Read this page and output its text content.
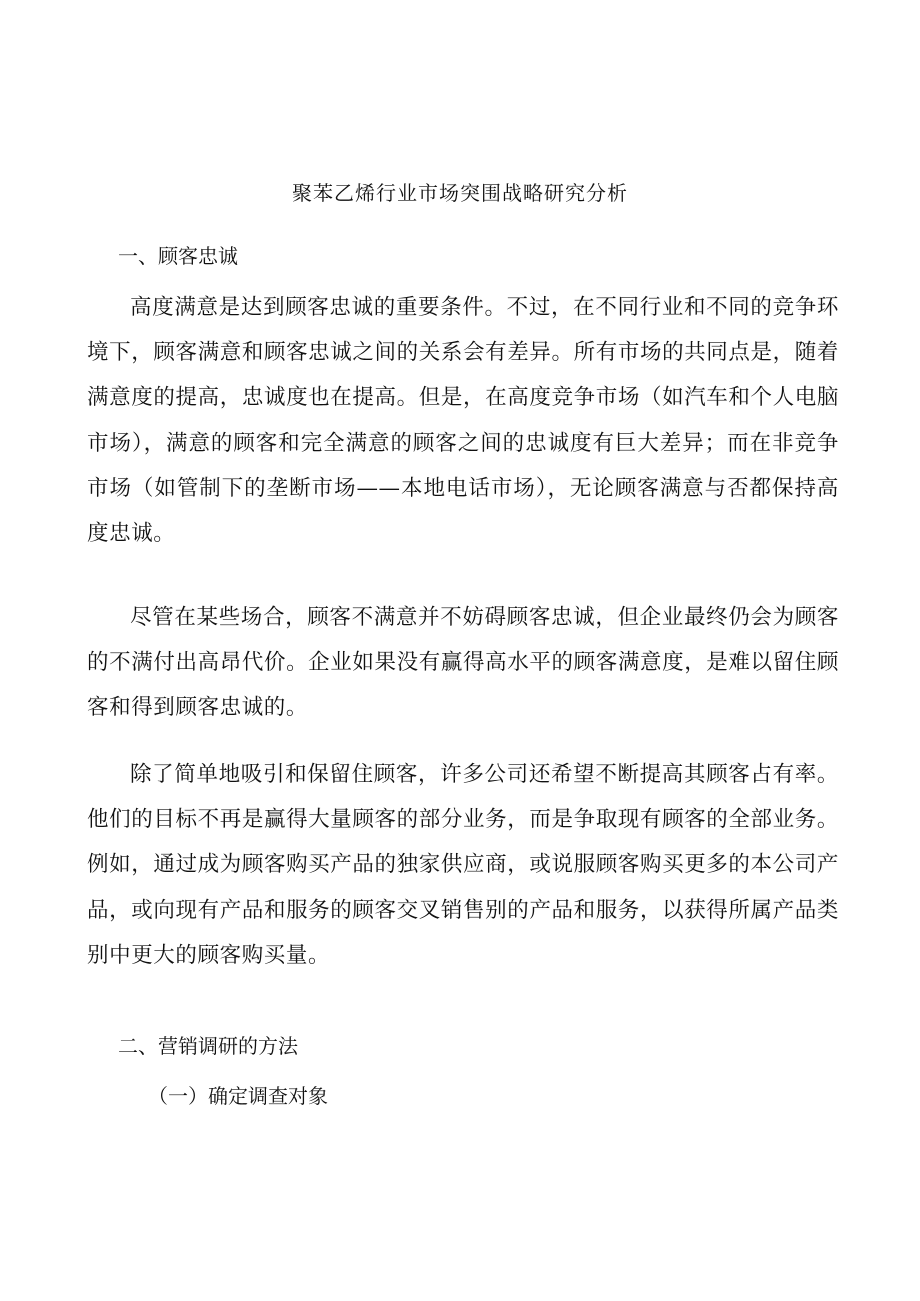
聚苯乙烯行业市场突围战略研究分析
一、顾客忠诚

高度满意是达到顾客忠诚的重要条件。不过，在不同行业和不同的竞争环境下，顾客满意和顾客忠诚之间的关系会有差异。所有市场的共同点是，随着满意度的提高，忠诚度也在提高。但是，在高度竞争市场（如汽车和个人电脑市场），满意的顾客和完全满意的顾客之间的忠诚度有巨大差异；而在非竞争市场（如管制下的垄断市场——本地电话市场），无论顾客满意与否都保持高度忠诚。

尽管在某些场合，顾客不满意并不妨碍顾客忠诚，但企业最终仍会为顾客的不满付出高昂代价。企业如果没有赢得高水平的顾客满意度，是难以留住顾客和得到顾客忠诚的。

除了简单地吸引和保留住顾客，许多公司还希望不断提高其顾客占有率。他们的目标不再是赢得大量顾客的部分业务，而是争取现有顾客的全部业务。例如，通过成为顾客购买产品的独家供应商，或说服顾客购买更多的本公司产品，或向现有产品和服务的顾客交叉销售别的产品和服务，以获得所属产品类别中更大的顾客购买量。

二、营销调研的方法
（一）确定调查对象
